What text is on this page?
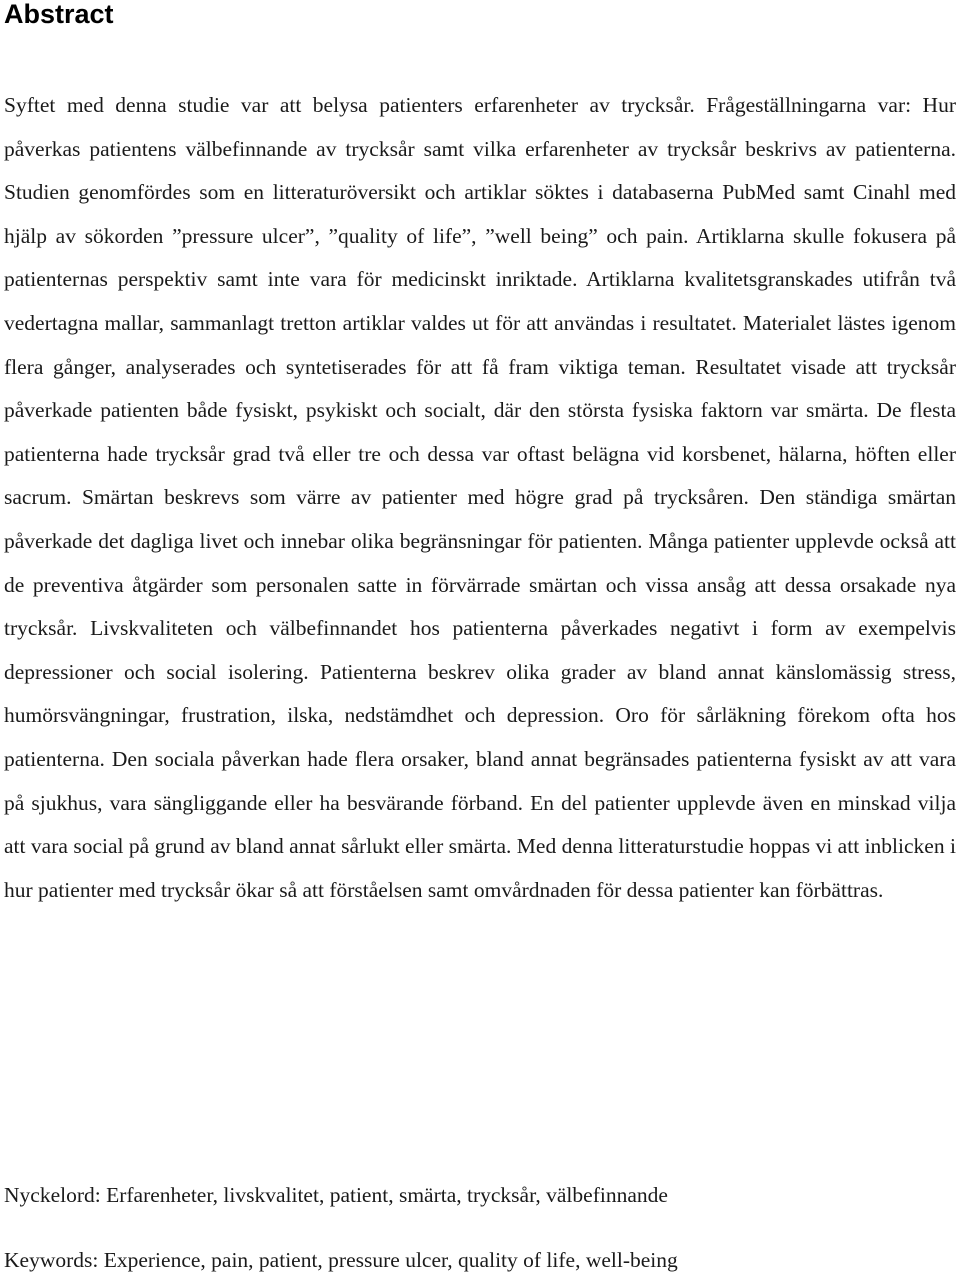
Abstract

Syftet med denna studie var att belysa patienters erfarenheter av trycksår. Frågeställningarna var: Hur påverkas patientens välbefinnande av trycksår samt vilka erfarenheter av trycksår beskrivs av patienterna. Studien genomfördes som en litteraturöversikt och artiklar söktes i databaserna PubMed samt Cinahl med hjälp av sökorden ”pressure ulcer”, ”quality of life”, ”well being” och pain. Artiklarna skulle fokusera på patienternas perspektiv samt inte vara för medicinskt inriktade. Artiklarna kvalitetsgranskades utifrån två vedertagna mallar, sammanlagt tretton artiklar valdes ut för att användas i resultatet. Materialet lästes igenom flera gånger, analyserades och syntetiserades för att få fram viktiga teman. Resultatet visade att trycksår påverkade patienten både fysiskt, psykiskt och socialt, där den största fysiska faktorn var smärta. De flesta patienterna hade trycksår grad två eller tre och dessa var oftast belägna vid korsbenet, hälarna, höften eller sacrum. Smärtan beskrevs som värre av patienter med högre grad på trycksåren. Den ständiga smärtan påverkade det dagliga livet och innebar olika begränsningar för patienten. Många patienter upplevde också att de preventiva åtgärder som personalen satte in förvärrade smärtan och vissa ansåg att dessa orsakade nya trycksår. Livskvaliteten och välbefinnandet hos patienterna påverkades negativt i form av exempelvis depressioner och social isolering. Patienterna beskrev olika grader av bland annat känslomässig stress, humörsvängningar, frustration, ilska, nedstämdhet och depression. Oro för sårläkning förekom ofta hos patienterna. Den sociala påverkan hade flera orsaker, bland annat begränsades patienterna fysiskt av att vara på sjukhus, vara sängliggande eller ha besvärande förband. En del patienter upplevde även en minskad vilja att vara social på grund av bland annat sårlukt eller smärta. Med denna litteraturstudie hoppas vi att inblicken i hur patienter med trycksår ökar så att förståelsen samt omvårdnaden för dessa patienter kan förbättras.

Nyckelord: Erfarenheter, livskvalitet, patient, smärta, trycksår, välbefinnande

Keywords: Experience, pain, patient, pressure ulcer, quality of life, well-being
